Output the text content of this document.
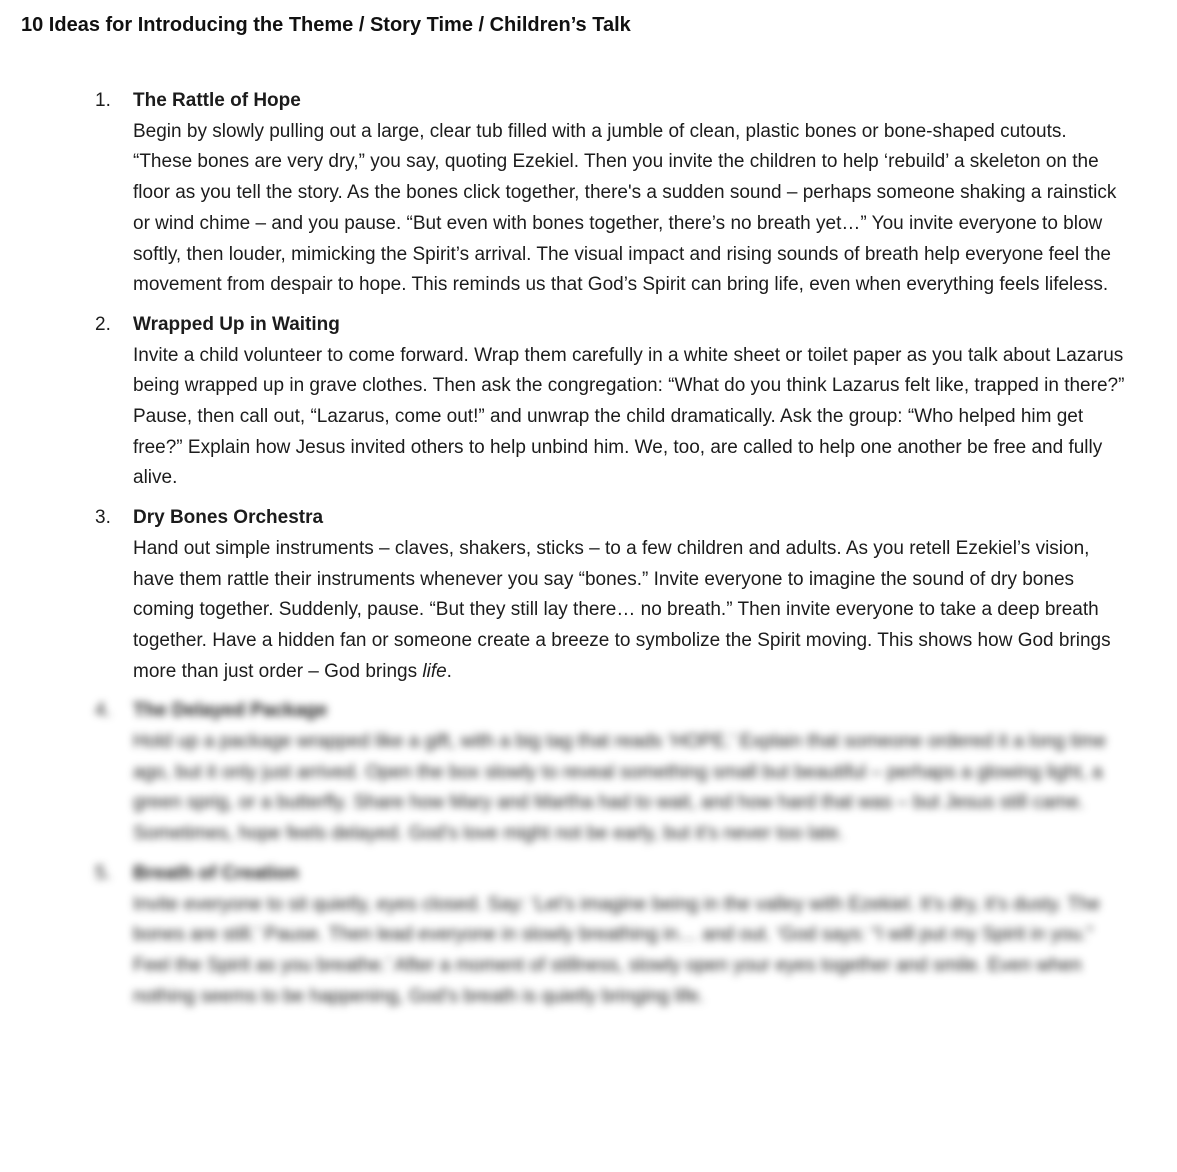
10 Ideas for Introducing the Theme / Story Time / Children’s Talk
1.	The Rattle of Hope
Begin by slowly pulling out a large, clear tub filled with a jumble of clean, plastic bones or bone-shaped cutouts. “These bones are very dry,” you say, quoting Ezekiel. Then you invite the children to help ‘rebuild’ a skeleton on the floor as you tell the story. As the bones click together, there's a sudden sound – perhaps someone shaking a rainstick or wind chime – and you pause. “But even with bones together, there’s no breath yet…” You invite everyone to blow softly, then louder, mimicking the Spirit’s arrival. The visual impact and rising sounds of breath help everyone feel the movement from despair to hope. This reminds us that God’s Spirit can bring life, even when everything feels lifeless.
2.	Wrapped Up in Waiting
Invite a child volunteer to come forward. Wrap them carefully in a white sheet or toilet paper as you talk about Lazarus being wrapped up in grave clothes. Then ask the congregation: “What do you think Lazarus felt like, trapped in there?” Pause, then call out, “Lazarus, come out!” and unwrap the child dramatically. Ask the group: “Who helped him get free?” Explain how Jesus invited others to help unbind him. We, too, are called to help one another be free and fully alive.
3.	Dry Bones Orchestra
Hand out simple instruments – claves, shakers, sticks – to a few children and adults. As you retell Ezekiel’s vision, have them rattle their instruments whenever you say “bones.” Invite everyone to imagine the sound of dry bones coming together. Suddenly, pause. “But they still lay there… no breath.” Then invite everyone to take a deep breath together. Have a hidden fan or someone create a breeze to symbolize the Spirit moving. This shows how God brings more than just order – God brings life.
4.	The Delayed Package
Hold up a package wrapped like a gift, with a big tag that reads ‘HOPE.’ Explain that someone ordered it a long time ago, but it only just arrived. Open the box slowly to reveal something small but beautiful – perhaps a glowing light, a green sprig, or a butterfly. Share how Mary and Martha had to wait, and how hard that was – but Jesus still came. Sometimes, hope feels delayed. God’s love might not be early, but it’s never too late.
5.	Breath of Creation
Invite everyone to sit quietly, eyes closed. Say: ‘Let’s imagine being in the valley with Ezekiel. It’s dry, it’s dusty. The bones are still.’ Pause. Then lead everyone in slowly breathing in… and out. ‘God says: “I will put my Spirit in you.” Feel the Spirit as you breathe.’ After a moment of stillness, slowly open your eyes together and smile. Even when nothing seems to be happening, God’s breath is quietly bringing life.
